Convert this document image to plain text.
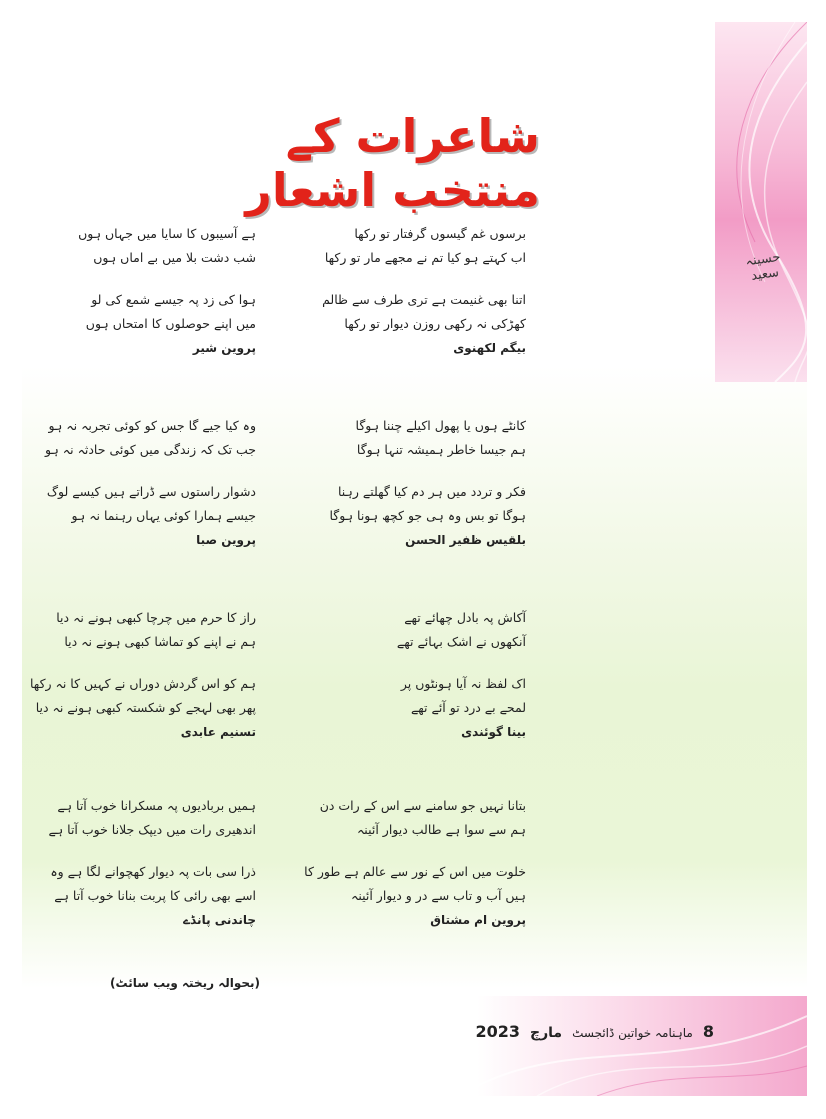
حسینہ سعید
شاعرات کے منتخب اشعار
برسوں غم گیسوں گرفتار تو رکھا
اب کہتے ہو کیا تم نے مجھے مار تو رکھا
اتنا بھی غنیمت ہے تری طرف سے ظالم
کھڑکی نہ رکھی روزن دیوار تو رکھا
بیگم لکھنوی
کانٹے ہوں یا پھول اکیلے چننا ہوگا
ہم جیسا خاطر ہمیشہ تنہا ہوگا
فکر و تردد میں ہر دم کیا گھلتے رہنا
ہوگا تو بس وہ ہی جو کچھ ہونا ہوگا
بلقیس ظفیر الحسن
آکاش پہ بادل چھائے تھے
آنکھوں نے اشک بہائے تھے
اک لفظ نہ آیا ہونٹوں پر
لمحے بے درد تو آئے تھے
بینا گوئندی
بتانا نہیں جو سامنے سے اس کے رات دن
ہم سے سوا ہے طالب دیوار آئینہ
خلوت میں اس کے نور سے عالم ہے طور کا
ہیں آب و تاب سے در و دیوار آئینہ
پروین ام مشتاق
ہے آسیبوں کا سایا میں جہاں ہوں
شب دشت بلا میں بے اماں ہوں
ہوا کی زد پہ جیسے شمع کی لو
میں اپنے حوصلوں کا امتحاں ہوں
پروین شیر
وہ کیا جیے گا جس کو کوئی تجربہ نہ ہو
جب تک کہ زندگی میں کوئی حادثہ نہ ہو
دشوار راستوں سے ڈراتے ہیں کیسے لوگ
جیسے ہمارا کوئی یہاں رہنما نہ ہو
پروین صبا
راز کا حرم میں چرچا کبھی ہونے نہ دیا
ہم نے اپنے کو تماشا کبھی ہونے نہ دیا
ہم کو اس گردش دوراں نے کہیں کا نہ رکھا
پھر بھی لہجے کو شکستہ کبھی ہونے نہ دیا
تسنیم عابدی
ہمیں بربادیوں پہ مسکرانا خوب آتا ہے
اندھیری رات میں دیپک جلانا خوب آتا ہے
ذرا سی بات پہ دیوار کھچوانے لگا ہے وہ
اسے بھی رائی کا پربت بنانا خوب آتا ہے
چاندنی پانڈے
(بحوالہ ریختہ ویب سائٹ)
8
ماہنامہ خواتین ڈائجسٹ
مارچ
2023
